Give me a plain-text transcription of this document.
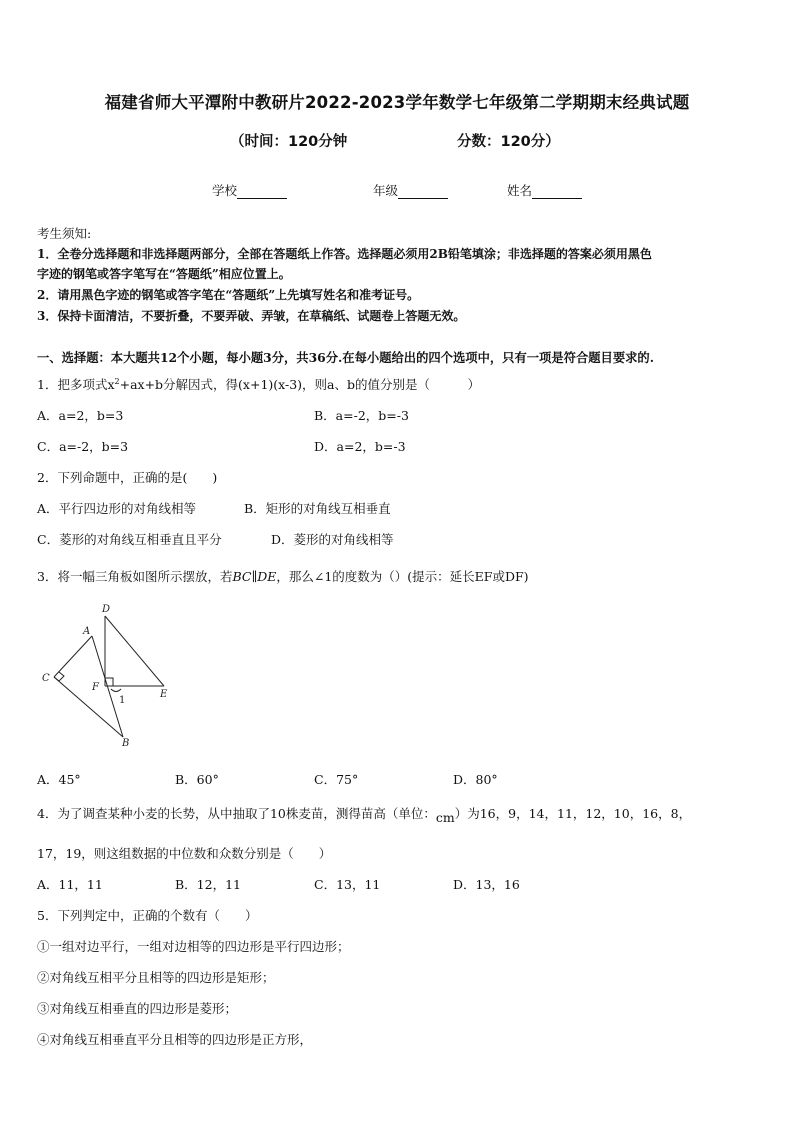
福建省师大平潭附中教研片2022-2023学年数学七年级第二学期期末经典试题
（时间：120分钟	分数：120分）
学校	年级	姓名
考生须知:
1．全卷分选择题和非选择题两部分，全部在答题纸上作答。选择题必须用2B铅笔填涂；非选择题的答案必须用黑色
字迹的钢笔或答字笔写在“答题纸”相应位置上。
2．请用黑色字迹的钢笔或答字笔在“答题纸”上先填写姓名和准考证号。
3．保持卡面清洁，不要折叠，不要弄破、弄皱，在草稿纸、试题卷上答题无效。
一、选择题：本大题共12个小题，每小题3分，共36分.在每小题给出的四个选项中，只有一项是符合题目要求的.
1．把多项式$x^2+ax+b$分解因式，得(x+1)(x-3)，则a、b的值分别是（　　　）
A．a=2，b=3	B．a=-2，b=-3
C．a=-2，b=3	D．a=2，b=-3
2．下列命题中，正确的是(　　)
A．平行四边形的对角线相等	B．矩形的对角线互相垂直
C．菱形的对角线互相垂直且平分	D．菱形的对角线相等
3．将一幅三角板如图所示摆放，若BC∥DE，那么∠1的度数为（）(提示：延长EF或DF)
D
A
C
F
1
E
B
A．45°	B．60°	C．75°	D．80°
4．为了调查某种小麦的长势，从中抽取了10株麦苗，测得苗高（单位：cm）为16，9，14，11，12，10，16，8，
17，19，则这组数据的中位数和众数分别是（　　）
A．11，11	B．12，11	C．13，11	D．13，16
5．下列判定中，正确的个数有（　　）
①一组对边平行，一组对边相等的四边形是平行四边形；
②对角线互相平分且相等的四边形是矩形；
③对角线互相垂直的四边形是菱形；
④对角线互相垂直平分且相等的四边形是正方形，
